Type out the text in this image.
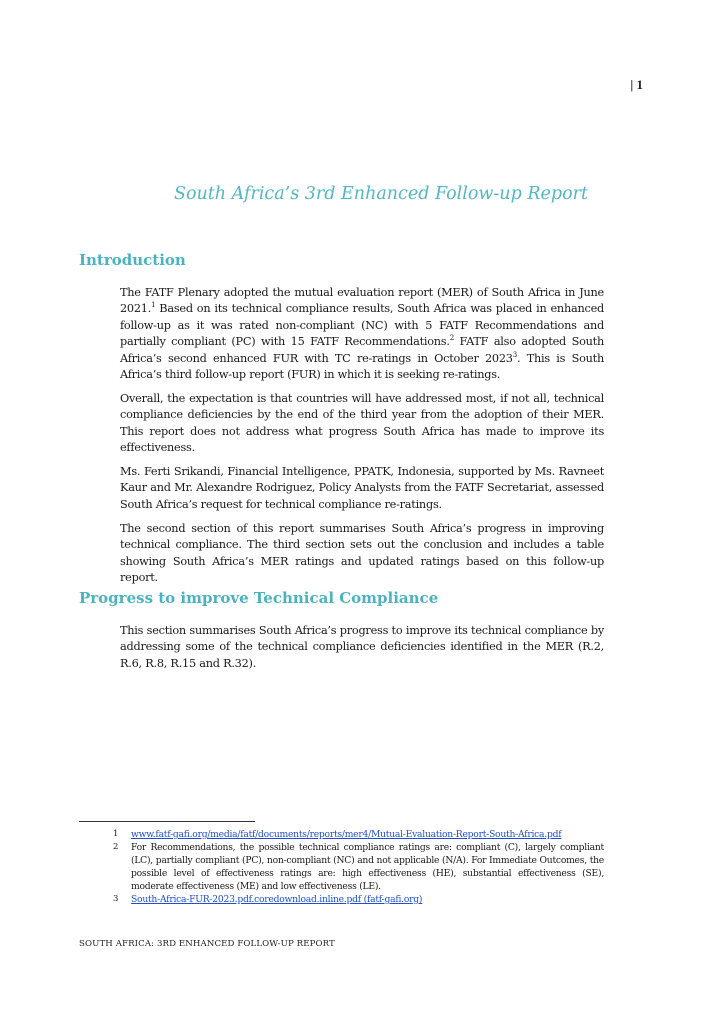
| 1
South Africa’s 3rd Enhanced Follow-up Report
Introduction

The FATF Plenary adopted the mutual evaluation report (MER) of South Africa in June 2021.$^1$ Based on its technical compliance results, South Africa was placed in enhanced follow-up as it was rated non-compliant (NC) with 5 FATF Recommendations and partially compliant (PC) with 15 FATF Recommendations.$^2$ FATF also adopted South Africa’s second enhanced FUR with TC re-ratings in October 2023$^3$. This is South Africa’s third follow-up report (FUR) in which it is seeking re-ratings.

Overall, the expectation is that countries will have addressed most, if not all, technical compliance deficiencies by the end of the third year from the adoption of their MER. This report does not address what progress South Africa has made to improve its effectiveness.

Ms. Ferti Srikandi, Financial Intelligence, PPATK, Indonesia, supported by Ms. Ravneet Kaur and Mr. Alexandre Rodriguez, Policy Analysts from the FATF Secretariat, assessed South Africa’s request for technical compliance re-ratings.

The second section of this report summarises South Africa’s progress in improving technical compliance. The third section sets out the conclusion and includes a table showing South Africa’s MER ratings and updated ratings based on this follow-up report.

Progress to improve Technical Compliance

This section summarises South Africa’s progress to improve its technical compliance by addressing some of the technical compliance deficiencies identified in the MER (R.2, R.6, R.8, R.15 and R.32).

1	www.fatf-gafi.org/media/fatf/documents/reports/mer4/Mutual-Evaluation-Report-South-Africa.pdf
2	For Recommendations, the possible technical compliance ratings are: compliant (C), largely compliant (LC), partially compliant (PC), non-compliant (NC) and not applicable (N/A). For Immediate Outcomes, the possible level of effectiveness ratings are: high effectiveness (HE), substantial effectiveness (SE), moderate effectiveness (ME) and low effectiveness (LE).
3	South-Africa-FUR-2023.pdf.coredownload.inline.pdf (fatf-gafi.org)
SOUTH AFRICA: 3RD ENHANCED FOLLOW-UP REPORT
